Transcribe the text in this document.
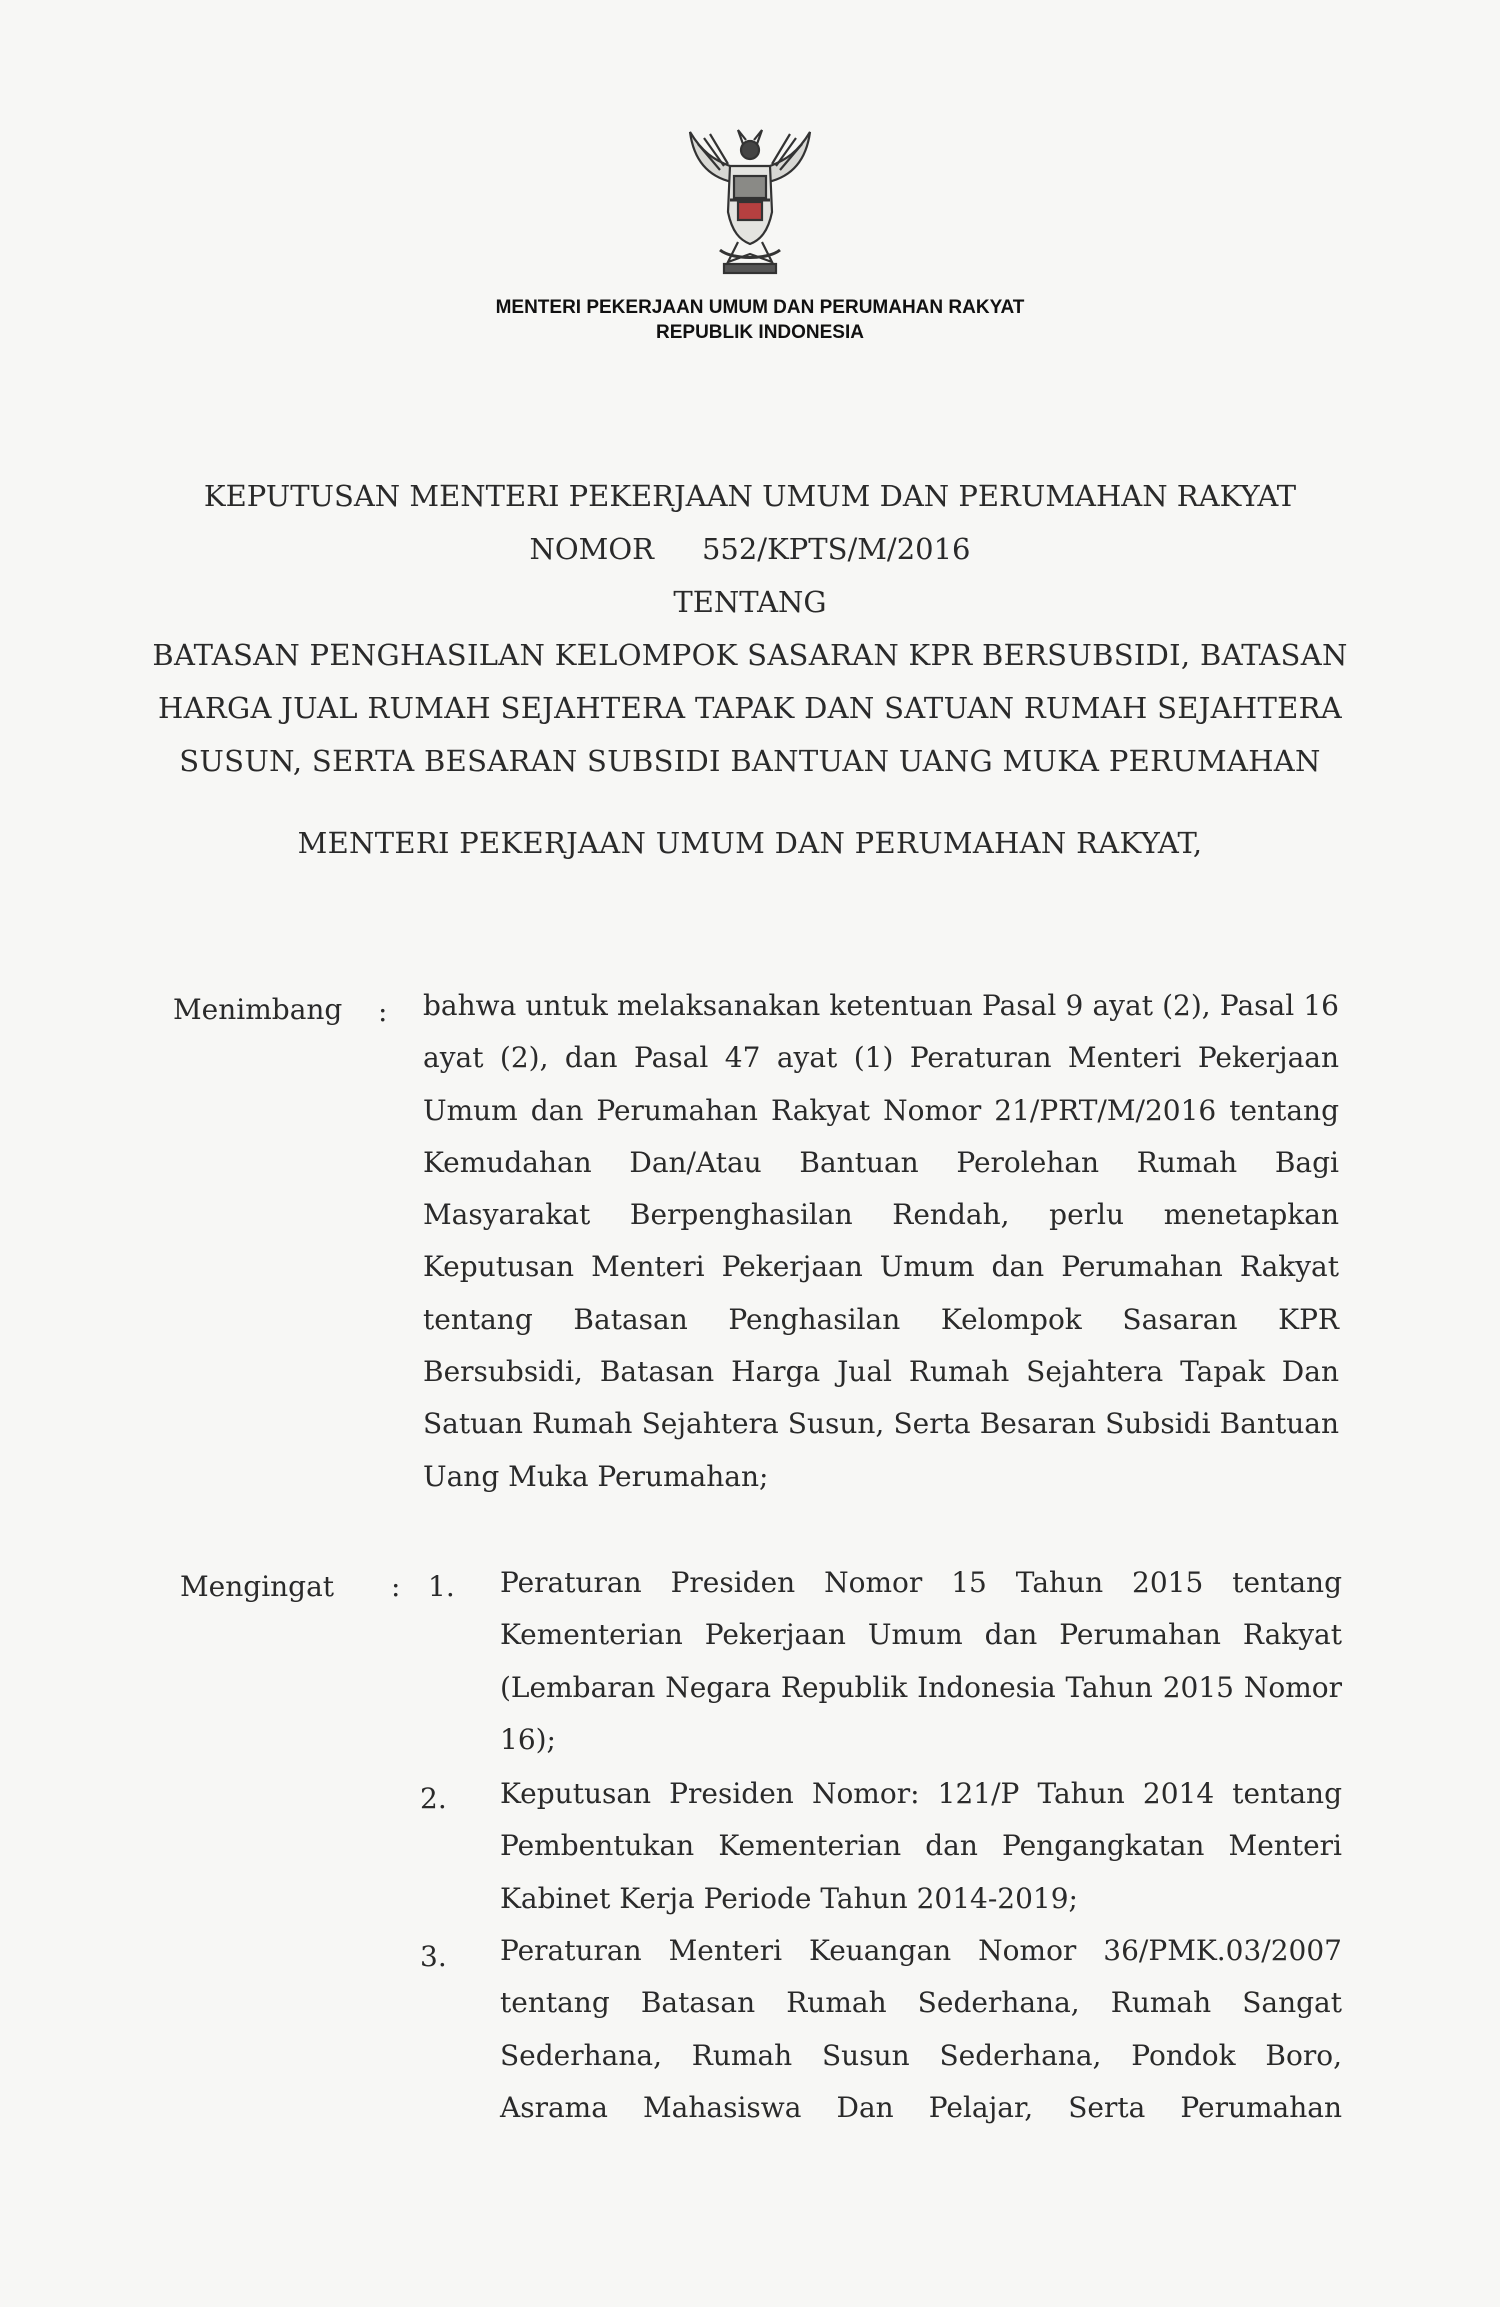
MENTERI PEKERJAAN UMUM DAN PERUMAHAN RAKYAT
REPUBLIK INDONESIA
KEPUTUSAN MENTERI PEKERJAAN UMUM DAN PERUMAHAN RAKYAT
NOMOR 552/KPTS/M/2016
TENTANG
BATASAN PENGHASILAN KELOMPOK SASARAN KPR BERSUBSIDI, BATASAN
HARGA JUAL RUMAH SEJAHTERA TAPAK DAN SATUAN RUMAH SEJAHTERA
SUSUN, SERTA BESARAN SUBSIDI BANTUAN UANG MUKA PERUMAHAN
MENTERI PEKERJAAN UMUM DAN PERUMAHAN RAKYAT,
Menimbang : bahwa untuk melaksanakan ketentuan Pasal 9 ayat (2), Pasal 16 ayat (2), dan Pasal 47 ayat (1) Peraturan Menteri Pekerjaan Umum dan Perumahan Rakyat Nomor 21/PRT/M/2016 tentang Kemudahan Dan/Atau Bantuan Perolehan Rumah Bagi Masyarakat Berpenghasilan Rendah, perlu menetapkan Keputusan Menteri Pekerjaan Umum dan Perumahan Rakyat tentang Batasan Penghasilan Kelompok Sasaran KPR Bersubsidi, Batasan Harga Jual Rumah Sejahtera Tapak Dan Satuan Rumah Sejahtera Susun, Serta Besaran Subsidi Bantuan Uang Muka Perumahan;
Mengingat : 1. Peraturan Presiden Nomor 15 Tahun 2015 tentang Kementerian Pekerjaan Umum dan Perumahan Rakyat (Lembaran Negara Republik Indonesia Tahun 2015 Nomor 16);
2. Keputusan Presiden Nomor: 121/P Tahun 2014 tentang Pembentukan Kementerian dan Pengangkatan Menteri Kabinet Kerja Periode Tahun 2014-2019;
3. Peraturan Menteri Keuangan Nomor 36/PMK.03/2007 tentang Batasan Rumah Sederhana, Rumah Sangat Sederhana, Rumah Susun Sederhana, Pondok Boro, Asrama Mahasiswa Dan Pelajar, Serta Perumahan
